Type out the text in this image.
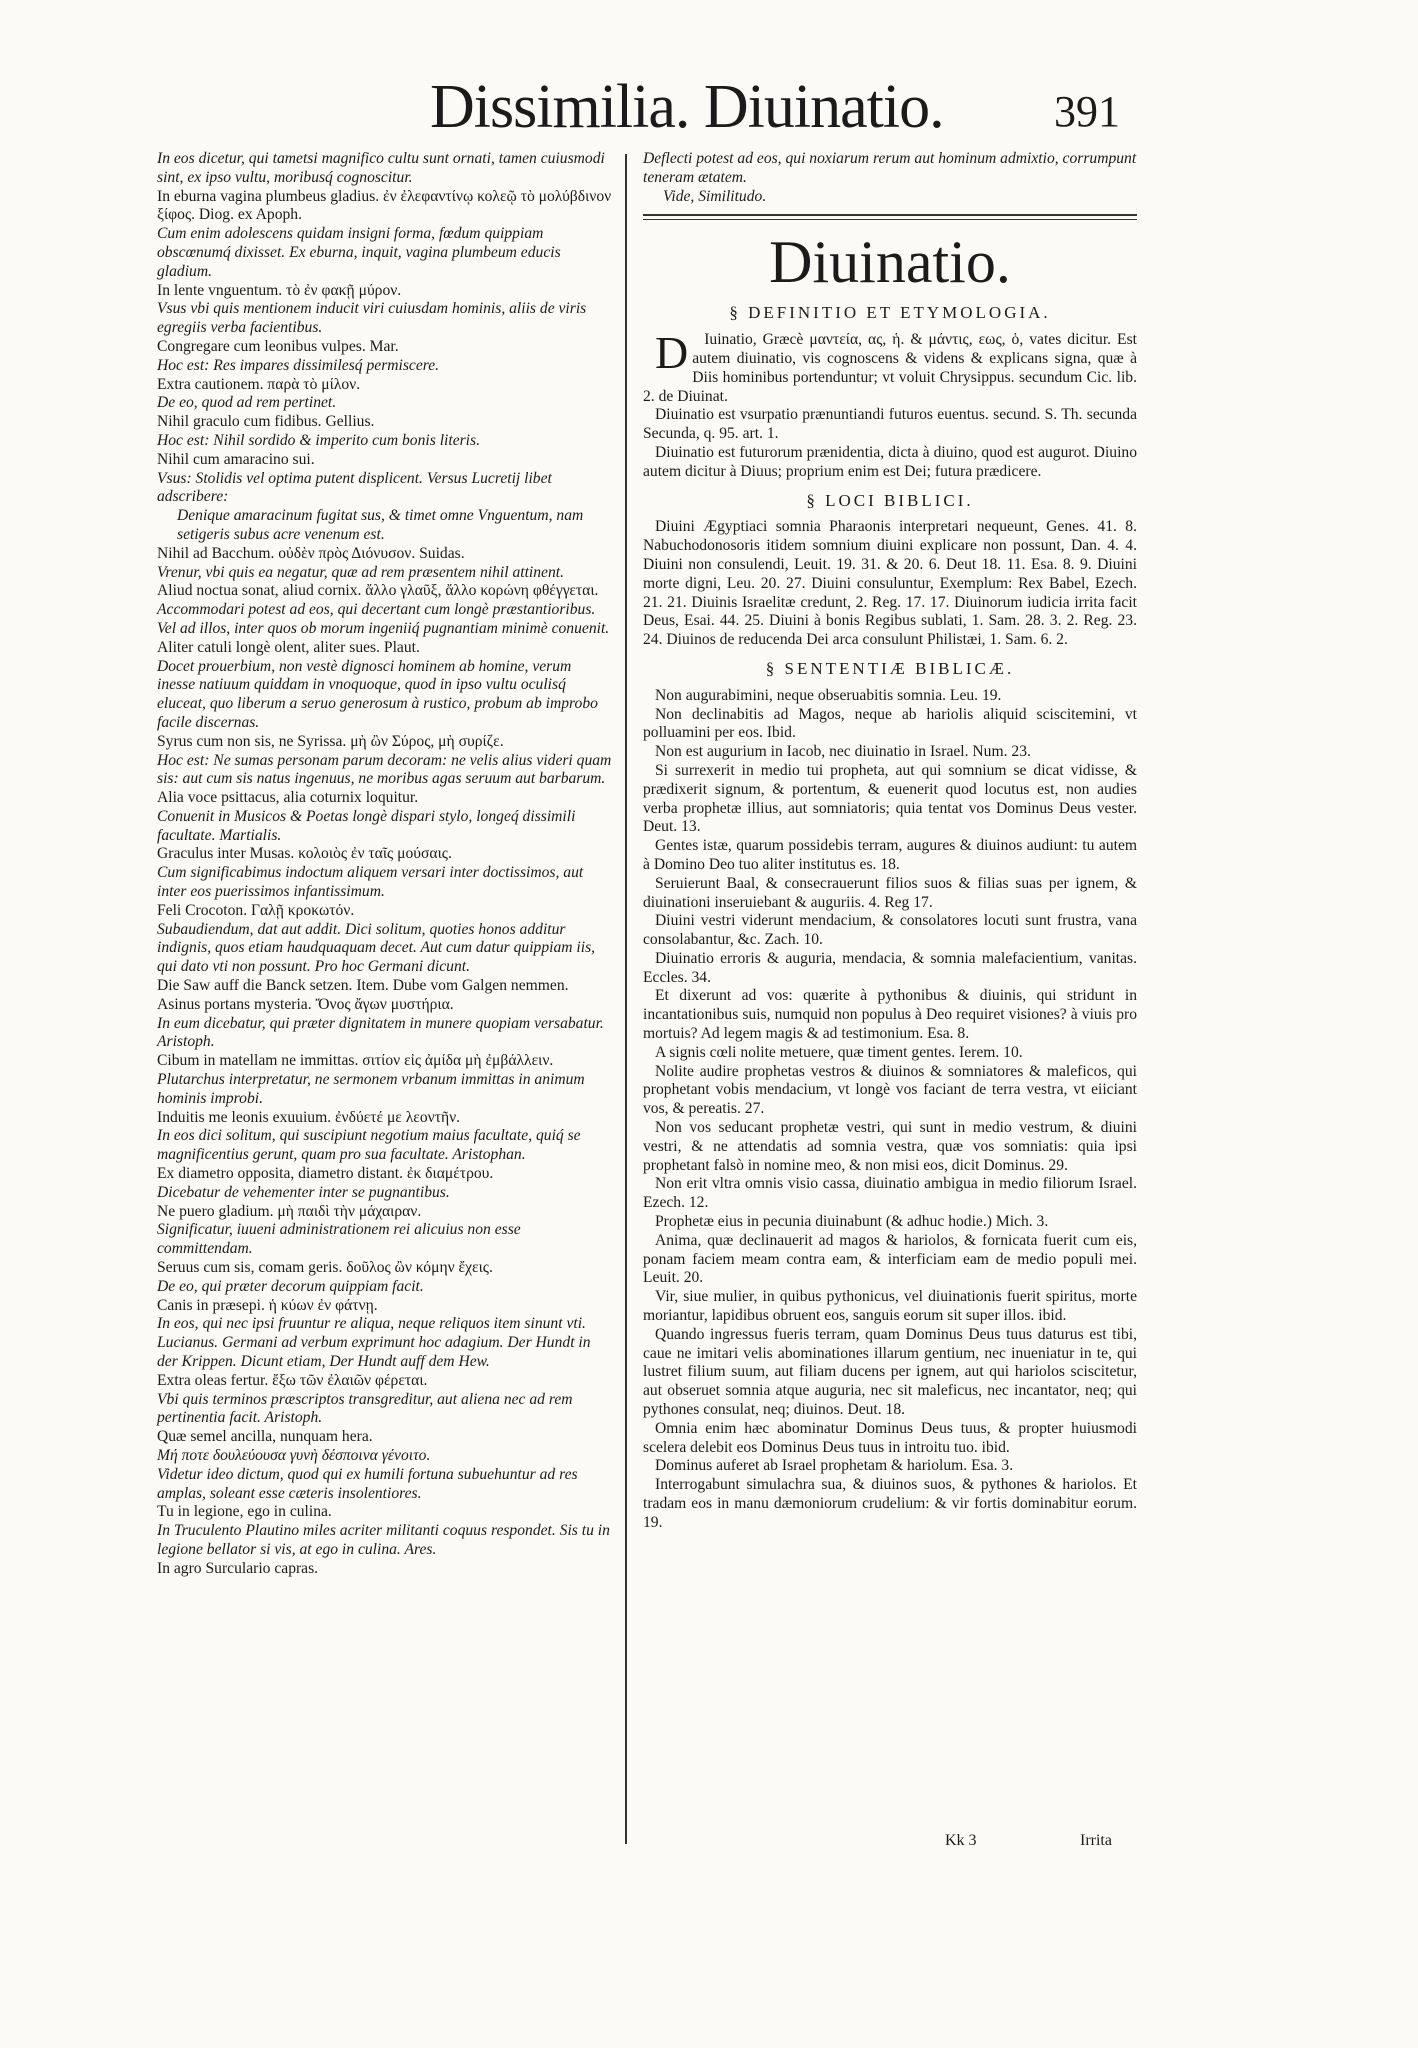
Dissimilia. Diuinatio.	391

In eos dicetur, qui tametsi magnifico cultu sunt ornati, tamen cuiusmodi sint, ex ipso vultu, moribusq́ cognoscitur.

In eburna vagina plumbeus gladius. ἐν ἐλεφαντίνῳ κολεῷ τὸ μολύβδινον ξίφος. Diog. ex Apoph.

Cum enim adolescens quidam insigni forma, fœdum quippiam obscœnumq́ dixisset. Ex eburna, inquit, vagina plumbeum educis gladium.

In lente vnguentum. τὸ ἐν φακῇ μύρον.

Vsus vbi quis mentionem inducit viri cuiusdam hominis, aliis de viris egregiis verba facientibus.

Congregare cum leonibus vulpes. Mar.

Hoc est: Res impares dissimilesq́ permiscere.

Extra cautionem. παρὰ τὸ μίλον.

De eo, quod ad rem pertinet.

Nihil graculo cum fidibus. Gellius.

Hoc est: Nihil sordido & imperito cum bonis literis.

Nihil cum amaracino sui.

Vsus: Stolidis vel optima putent displicent. Versus Lucretij libet adscribere:

Denique amaracinum fugitat sus, & timet omne Vnguentum, nam setigeris subus acre venenum est.

Nihil ad Bacchum. οὐδὲν πρὸς Διόνυσον. Suidas.

Vrenur, vbi quis ea negatur, quæ ad rem præsentem nihil attinent.

Aliud noctua sonat, aliud cornix. ἄλλο γλαῦξ, ἄλλο κορώνη φθέγγεται.

Accommodari potest ad eos, qui decertant cum longè præstantioribus. Vel ad illos, inter quos ob morum ingeniiq́ pugnantiam minimè conuenit.

Aliter catuli longè olent, aliter sues. Plaut.

Docet prouerbium, non vestè dignosci hominem ab homine, verum inesse natiuum quiddam in vnoquoque, quod in ipso vultu oculisq́ eluceat, quo liberum a seruo generosum à rustico, probum ab improbo facile discernas.

Syrus cum non sis, ne Syrissa. μὴ ὢν Σύρος, μὴ συρίζε.

Hoc est: Ne sumas personam parum decoram: ne velis alius videri quam sis: aut cum sis natus ingenuus, ne moribus agas seruum aut barbarum.

Alia voce psittacus, alia coturnix loquitur.

Conuenit in Musicos & Poetas longè dispari stylo, longeq́ dissimili facultate. Martialis.

Graculus inter Musas. κολοιὸς ἐν ταῖς μούσαις.

Cum significabimus indoctum aliquem versari inter doctissimos, aut inter eos puerissimos infantissimum.

Feli Crocoton. Γαλῇ κροκωτόν.

Subaudiendum, dat aut addit. Dici solitum, quoties honos additur indignis, quos etiam haudquaquam decet. Aut cum datur quippiam iis, qui dato vti non possunt. Pro hoc Germani dicunt.

Die Saw auff die Banck setzen. Item. Dube vom Galgen nemmen.

Asinus portans mysteria. Ὄνος ἄγων μυστήρια.

In eum dicebatur, qui præter dignitatem in munere quopiam versabatur. Aristoph.

Cibum in matellam ne immittas. σιτίον εἰς ἀμίδα μὴ ἐμβάλλειν.

Plutarchus interpretatur, ne sermonem vrbanum immittas in animum hominis improbi.

Induitis me leonis exuuium. ἐνδύετέ με λεοντῆν.

In eos dici solitum, qui suscipiunt negotium maius facultate, quiq́ se magnificentius gerunt, quam pro sua facultate. Aristophan.

Ex diametro opposita, diametro distant. ἐκ διαμέτρου.

Dicebatur de vehementer inter se pugnantibus.

Ne puero gladium. μὴ παιδὶ τὴν μάχαιραν.

Significatur, iuueni administrationem rei alicuius non esse committendam.

Seruus cum sis, comam geris. δοῦλος ὢν κόμην ἔχεις.

De eo, qui præter decorum quippiam facit.

Canis in præsepi. ἡ κύων ἐν φάτνῃ.

In eos, qui nec ipsi fruuntur re aliqua, neque reliquos item sinunt vti. Lucianus. Germani ad verbum exprimunt hoc adagium. Der Hundt in der Krippen. Dicunt etiam, Der Hundt auff dem Hew.

Extra oleas fertur. ἔξω τῶν ἐλαιῶν φέρεται.

Vbi quis terminos præscriptos transgreditur, aut aliena nec ad rem pertinentia facit. Aristoph.

Quæ semel ancilla, nunquam hera.

Μή ποτε δουλεύουσα γυνὴ δέσποινα γένοιτο.

Videtur ideo dictum, quod qui ex humili fortuna subuehuntur ad res amplas, soleant esse cæteris insolentiores.

Tu in legione, ego in culina.

In Truculento Plautino miles acriter militanti coquus respondet. Sis tu in legione bellator si vis, at ego in culina. Ares.

In agro Surculario capras.

Deflecti potest ad eos, qui noxiarum rerum aut hominum admixtio, corrumpunt teneram ætatem.

Vide, Similitudo.

Diuinatio.
§ DEFINITIO ET ETYMOLOGIA.

D Iuinatio, Græcè μαντεία, ας, ἡ. & μάντις, εως, ὁ, vates dicitur. Est autem diuinatio, vis cognoscens & videns & explicans signa, quæ à Diis hominibus portenduntur; vt voluit Chrysippus. secundum Cic. lib. 2. de Diuinat.

Diuinatio est vsurpatio prænuntiandi futuros euentus. secund. S. Th. secunda Secunda, q. 95. art. 1.

Diuinatio est futurorum prænidentia, dicta à diuino, quod est augurot. Diuino autem dicitur à Diuus; proprium enim est Dei; futura prædicere.

§ LOCI BIBLICI.

Diuini Ægyptiaci somnia Pharaonis interpretari nequeunt, Genes. 41. 8. Nabuchodonosoris itidem somnium diuini explicare non possunt, Dan. 4. 4. Diuini non consulendi, Leuit. 19. 31. & 20. 6. Deut 18. 11. Esa. 8. 9. Diuini morte digni, Leu. 20. 27. Diuini consuluntur, Exemplum: Rex Babel, Ezech. 21. 21. Diuinis Israelitæ credunt, 2. Reg. 17. 17. Diuinorum iudicia irrita facit Deus, Esai. 44. 25. Diuini à bonis Regibus sublati, 1. Sam. 28. 3. 2. Reg. 23. 24. Diuinos de reducenda Dei arca consulunt Philistæi, 1. Sam. 6. 2.

§ SENTENTIÆ BIBLICÆ.

Non augurabimini, neque obseruabitis somnia. Leu. 19.

Non declinabitis ad Magos, neque ab hariolis aliquid sciscitemini, vt polluamini per eos. Ibid.

Non est augurium in Iacob, nec diuinatio in Israel. Num. 23.

Si surrexerit in medio tui propheta, aut qui somnium se dicat vidisse, & prædixerit signum, & portentum, & euenerit quod locutus est, non audies verba prophetæ illius, aut somniatoris; quia tentat vos Dominus Deus vester. Deut. 13.

Gentes istæ, quarum possidebis terram, augures & diuinos audiunt: tu autem à Domino Deo tuo aliter institutus es. 18.

Seruierunt Baal, & consecrauerunt filios suos & filias suas per ignem, & diuinationi inseruiebant & auguriis. 4. Reg 17.

Diuini vestri viderunt mendacium, & consolatores locuti sunt frustra, vana consolabantur, &c. Zach. 10.

Diuinatio erroris & auguria, mendacia, & somnia malefacientium, vanitas. Eccles. 34.

Et dixerunt ad vos: quærite à pythonibus & diuinis, qui stridunt in incantationibus suis, numquid non populus à Deo requiret visiones? à viuis pro mortuis? Ad legem magis & ad testimonium. Esa. 8.

A signis cœli nolite metuere, quæ timent gentes. Ierem. 10.

Nolite audire prophetas vestros & diuinos & somniatores & maleficos, qui prophetant vobis mendacium, vt longè vos faciant de terra vestra, vt eiiciant vos, & pereatis. 27.

Non vos seducant prophetæ vestri, qui sunt in medio vestrum, & diuini vestri, & ne attendatis ad somnia vestra, quæ vos somniatis: quia ipsi prophetant falsò in nomine meo, & non misi eos, dicit Dominus. 29.

Non erit vltra omnis visio cassa, diuinatio ambigua in medio filiorum Israel. Ezech. 12.

Prophetæ eius in pecunia diuinabunt (& adhuc hodie.) Mich. 3.

Anima, quæ declinauerit ad magos & hariolos, & fornicata fuerit cum eis, ponam faciem meam contra eam, & interficiam eam de medio populi mei. Leuit. 20.

Vir, siue mulier, in quibus pythonicus, vel diuinationis fuerit spiritus, morte moriantur, lapidibus obruent eos, sanguis eorum sit super illos. ibid.

Quando ingressus fueris terram, quam Dominus Deus tuus daturus est tibi, caue ne imitari velis abominationes illarum gentium, nec inueniatur in te, qui lustret filium suum, aut filiam ducens per ignem, aut qui hariolos sciscitetur, aut obseruet somnia atque auguria, nec sit maleficus, nec incantator, neq; qui pythones consulat, neq; diuinos. Deut. 18.

Omnia enim hæc abominatur Dominus Deus tuus, & propter huiusmodi scelera delebit eos Dominus Deus tuus in introitu tuo. ibid.

Dominus auferet ab Israel prophetam & hariolum. Esa. 3.

Interrogabunt simulachra sua, & diuinos suos, & pythones & hariolos. Et tradam eos in manu dæmoniorum crudelium: & vir fortis dominabitur eorum. 19.

Kk 3	Irrita
